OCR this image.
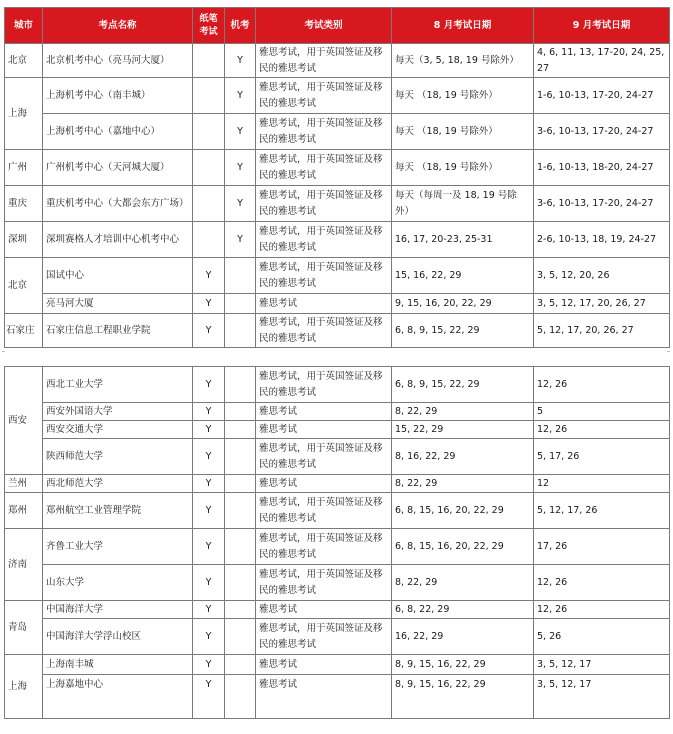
城市	考点名称	纸笔考试	机考	考试类别	8 月考试日期	9 月考试日期
北京	北京机考中心（亮马河大厦）		Y	雅思考试，用于英国签证及移民的雅思考试	每天（3, 5, 18, 19 号除外）	4, 6, 11, 13, 17-20, 24, 25, 27
上海	上海机考中心（南丰城）		Y	雅思考试，用于英国签证及移民的雅思考试	每天 （18, 19 号除外）	1-6, 10-13, 17-20, 24-27
	上海机考中心（嘉地中心）		Y	雅思考试，用于英国签证及移民的雅思考试	每天 （18, 19 号除外）	3-6, 10-13, 17-20, 24-27
广州	广州机考中心（天河城大厦）		Y	雅思考试，用于英国签证及移民的雅思考试	每天 （18, 19 号除外）	1-6, 10-13, 18-20, 24-27
重庆	重庆机考中心（大都会东方广场）		Y	雅思考试，用于英国签证及移民的雅思考试	每天（每周一及 18, 19 号除外）	3-6, 10-13, 17-20, 24-27
深圳	深圳赛格人才培训中心机考中心		Y	雅思考试，用于英国签证及移民的雅思考试	16, 17, 20-23, 25-31	2-6, 10-13, 18, 19, 24-27
北京	国试中心	Y		雅思考试，用于英国签证及移民的雅思考试	15, 16, 22, 29	3, 5, 12, 20, 26
	亮马河大厦	Y		雅思考试	9, 15, 16, 20, 22, 29	3, 5, 12, 17, 20, 26, 27
石家庄	石家庄信息工程职业学院	Y		雅思考试，用于英国签证及移民的雅思考试	6, 8, 9, 15, 22, 29	5, 12, 17, 20, 26, 27
西安	西北工业大学	Y		雅思考试，用于英国签证及移民的雅思考试	6, 8, 9, 15, 22, 29	12, 26
	西安外国语大学	Y		雅思考试	8, 22, 29	5
	西安交通大学	Y		雅思考试	15, 22, 29	12, 26
	陕西师范大学	Y		雅思考试，用于英国签证及移民的雅思考试	8, 16, 22, 29	5, 17, 26
兰州	西北师范大学	Y		雅思考试	8, 22, 29	12
郑州	郑州航空工业管理学院	Y		雅思考试，用于英国签证及移民的雅思考试	6, 8, 15, 16, 20, 22, 29	5, 12, 17, 26
济南	齐鲁工业大学	Y		雅思考试，用于英国签证及移民的雅思考试	6, 8, 15, 16, 20, 22, 29	17, 26
	山东大学	Y		雅思考试，用于英国签证及移民的雅思考试	8, 22, 29	12, 26
青岛	中国海洋大学	Y		雅思考试	6, 8, 22, 29	12, 26
	中国海洋大学浮山校区	Y		雅思考试，用于英国签证及移民的雅思考试	16, 22, 29	5, 26
上海	上海南丰城	Y		雅思考试	8, 9, 15, 16, 22, 29	3, 5, 12, 17
	上海嘉地中心	Y		雅思考试	8, 9, 15, 16, 22, 29	3, 5, 12, 17
